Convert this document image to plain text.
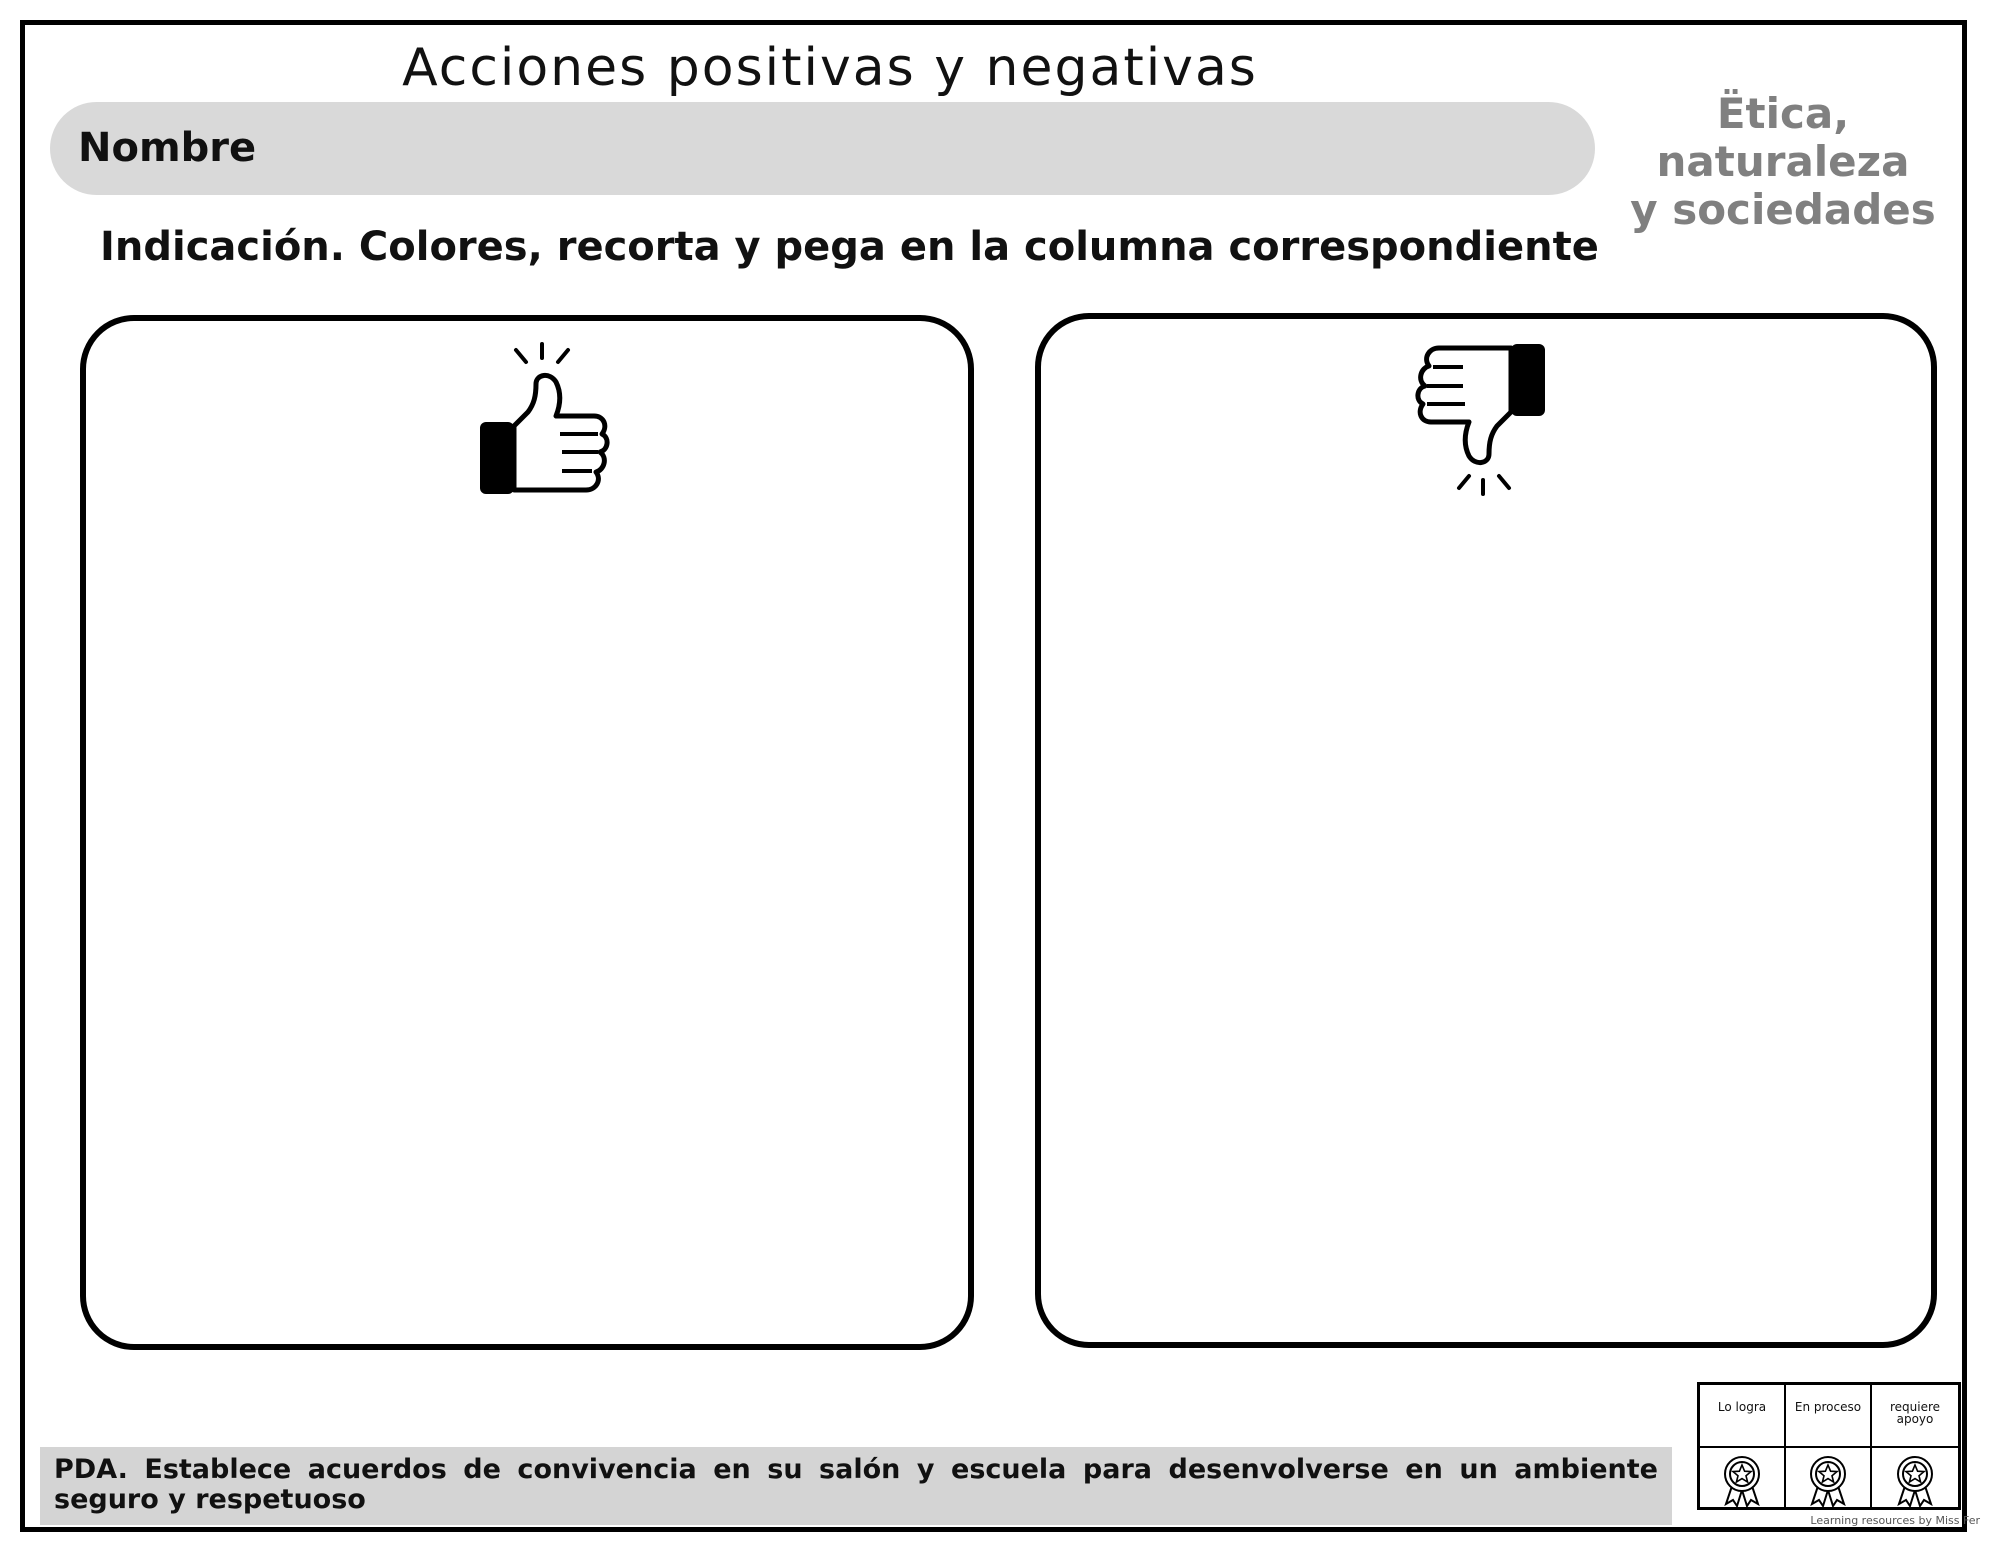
Acciones positivas y negativas
Nombre
Ëtica, naturaleza
y sociedades
Indicación. Colores, recorta y pega en la columna correspondiente
PDA. Establece acuerdos de convivencia en su salón y escuela para desenvolverse en un ambiente seguro y respetuoso
Lo logra	En proceso	requiere apoyo
Learning resources by Miss Fer
